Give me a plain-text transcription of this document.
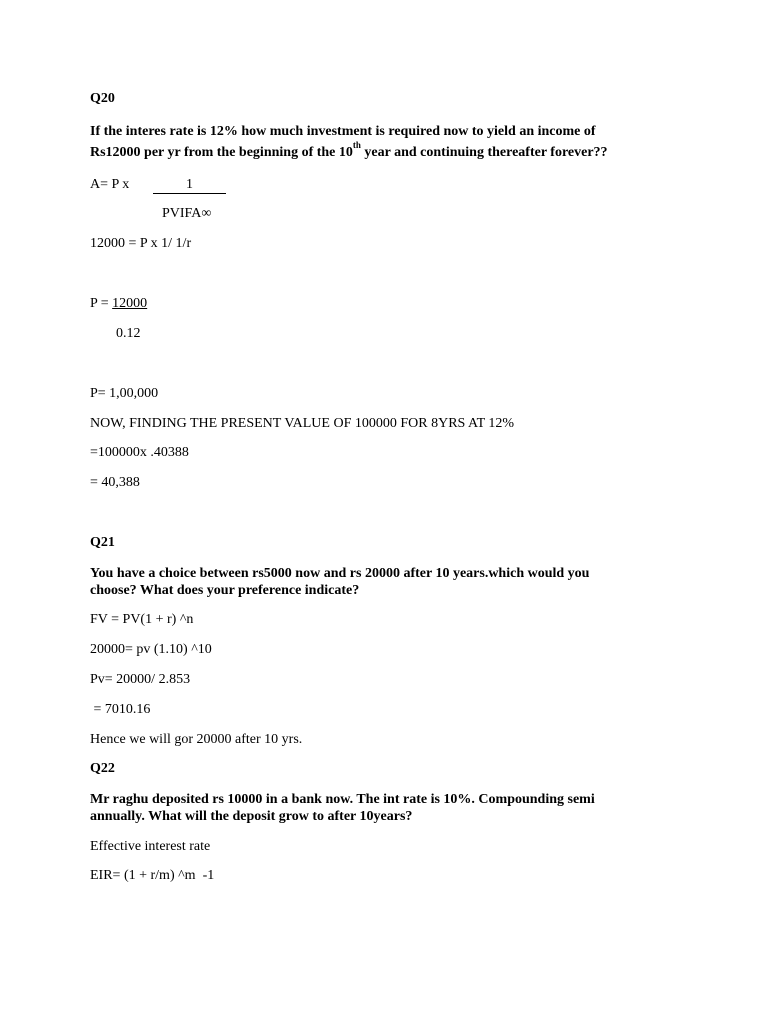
Q20
If the interes rate is 12% how much investment is required now to yield an income of
Rs12000 per yr from the beginning of the 10th year and continuing thereafter forever??
A= P x	1
PVIFA∞
12000 = P x 1/ 1/r
P = 12000
0.12
P= 1,00,000
NOW, FINDING THE PRESENT VALUE OF 100000 FOR 8YRS AT 12%
=100000x .40388
= 40,388
Q21
You have a choice between rs5000 now and rs 20000 after 10 years.which would you
choose? What does your preference indicate?
FV = PV(1 + r) ^n
20000= pv (1.10) ^10
Pv= 20000/ 2.853
= 7010.16
Hence we will gor 20000 after 10 yrs.
Q22
Mr raghu deposited rs 10000 in a bank now. The int rate is 10%. Compounding semi
annually. What will the deposit grow to after 10years?
Effective interest rate
EIR= (1 + r/m) ^m  -1
